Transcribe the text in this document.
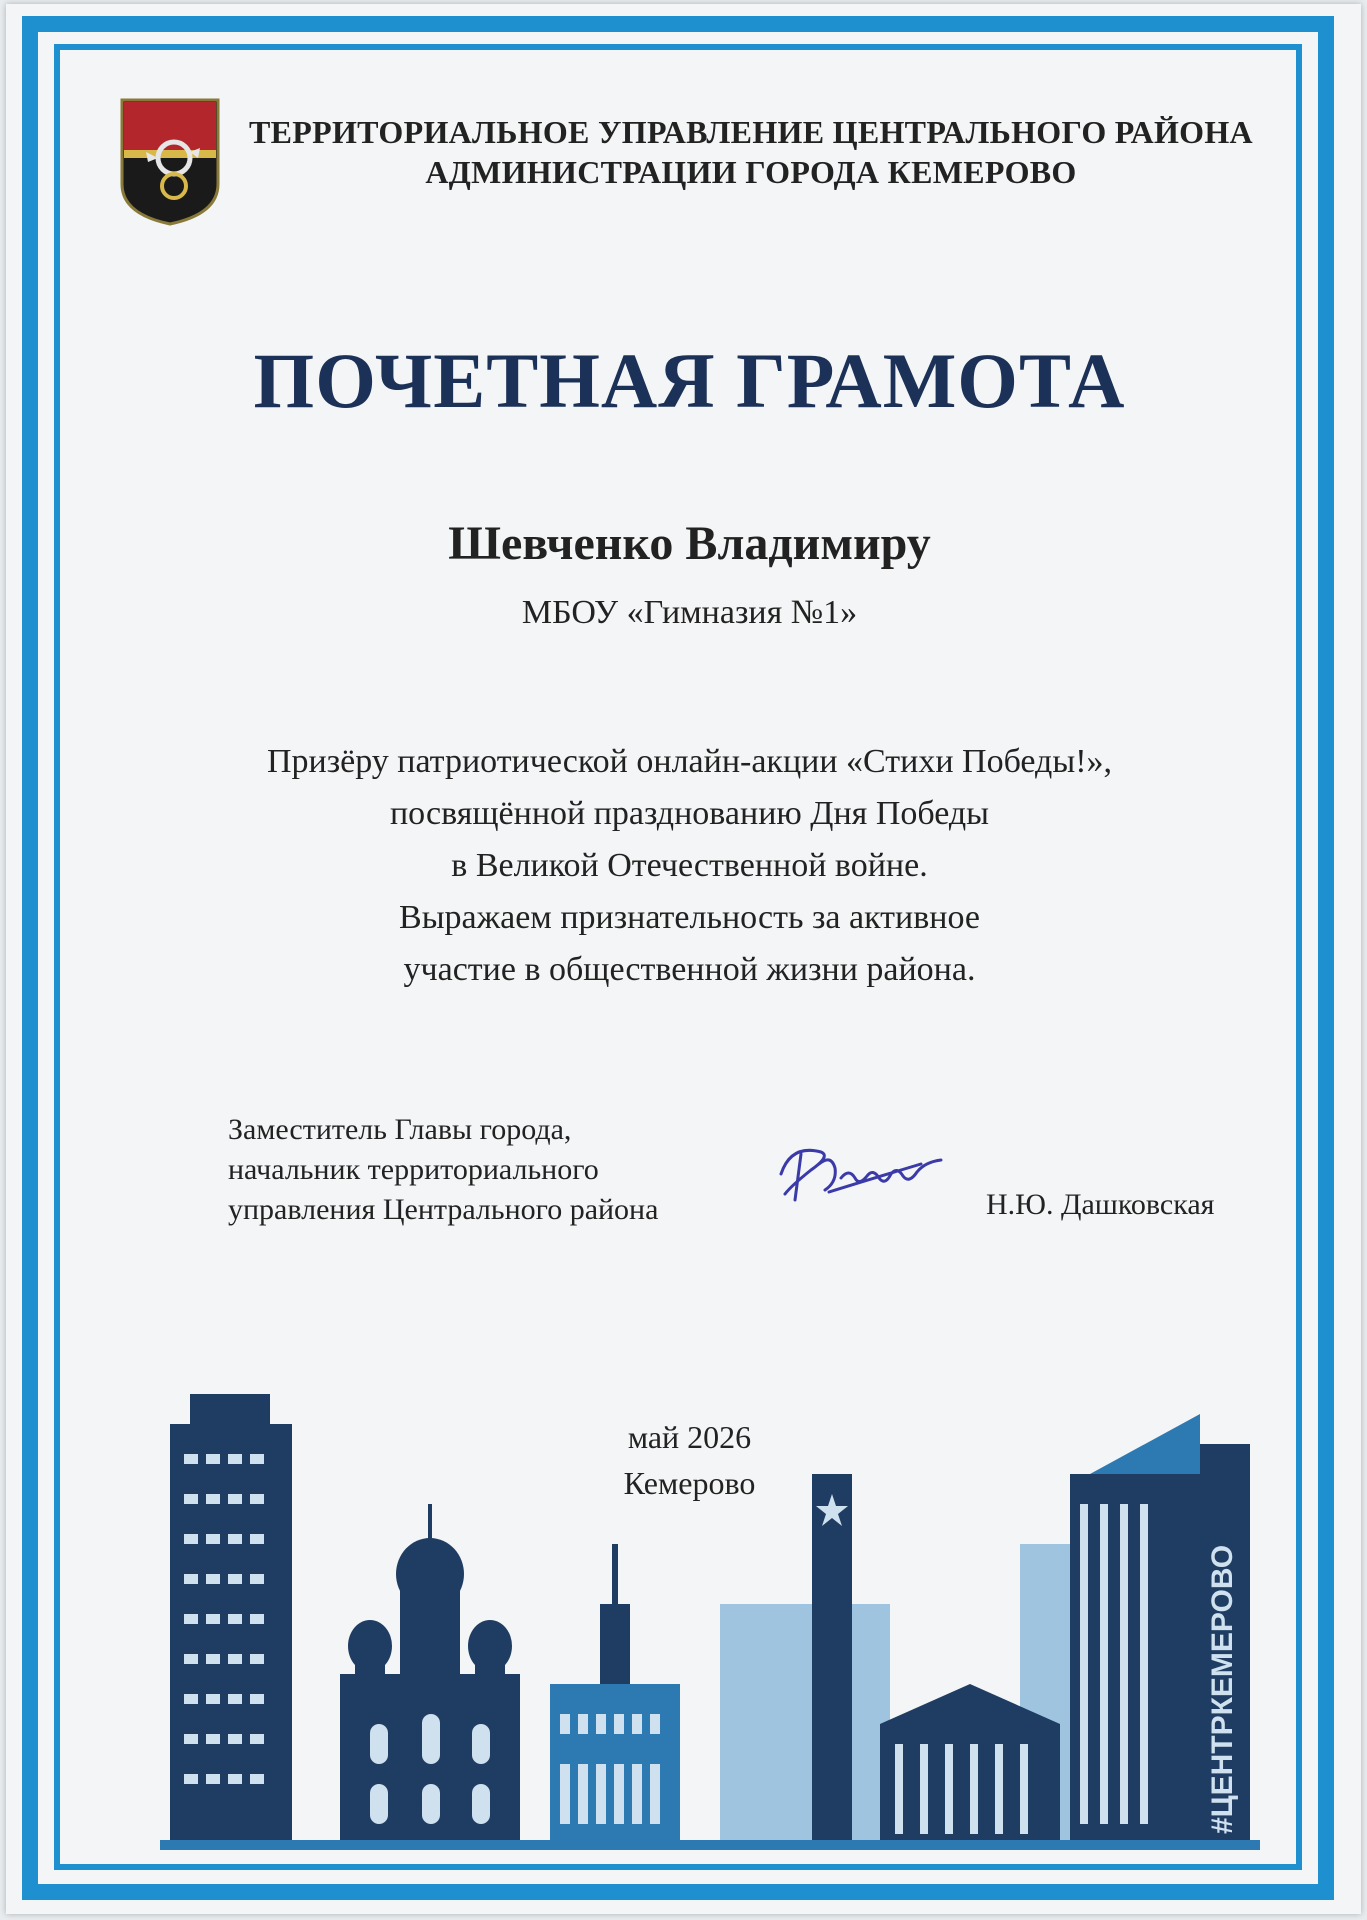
ТЕРРИТОРИАЛЬНОЕ УПРАВЛЕНИЕ ЦЕНТРАЛЬНОГО РАЙОНА
АДМИНИСТРАЦИИ ГОРОДА КЕМЕРОВО
ПОЧЕТНАЯ ГРАМОТА
Шевченко Владимиру
МБОУ «Гимназия №1»
Призёру патриотической онлайн-акции «Стихи Победы!»,
посвящённой празднованию Дня Победы
в Великой Отечественной войне.
Выражаем признательность за активное
участие в общественной жизни района.
Заместитель Главы города,
начальник территориального
управления Центрального района	Н.Ю. Дашковская
#ЦЕНТРКЕМЕРОВО
май 2026
Кемерово
